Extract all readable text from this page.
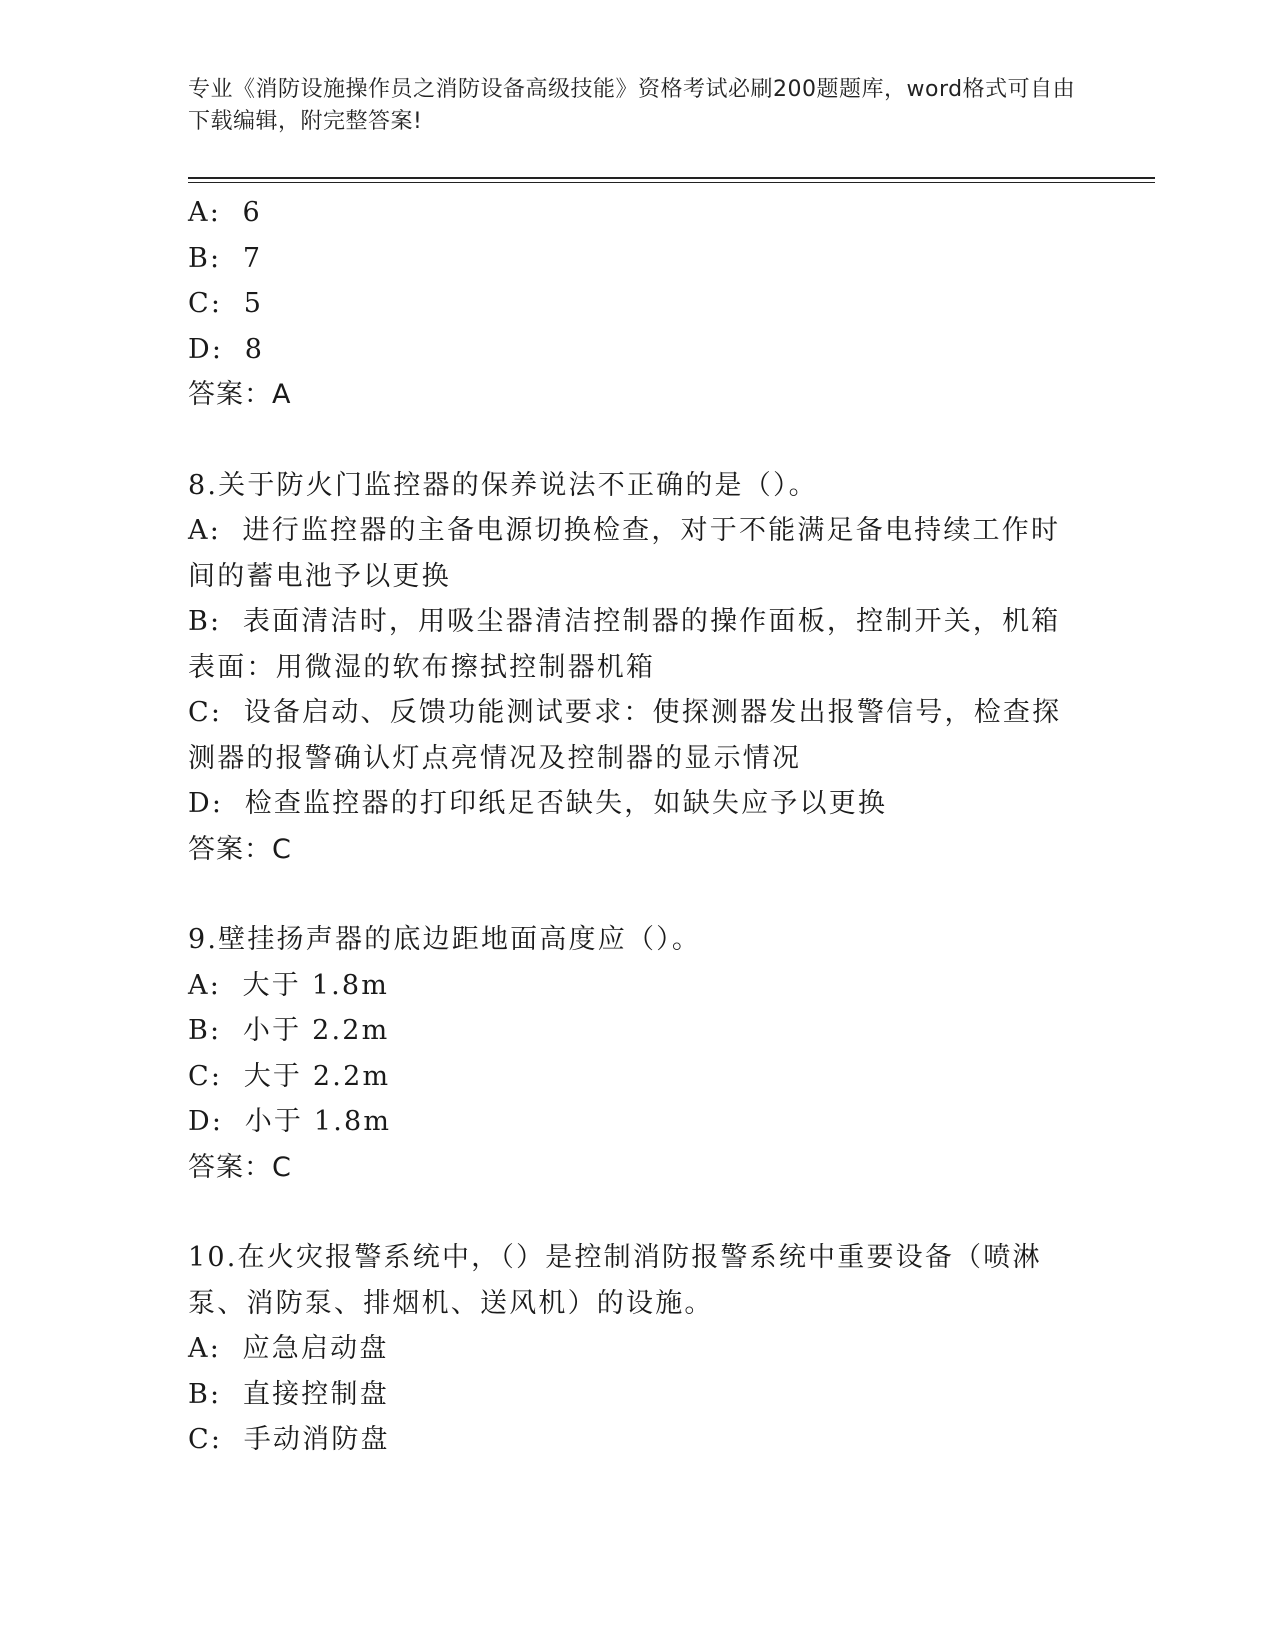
专业《消防设施操作员之消防设备高级技能》资格考试必刷200题题库，word格式可自由下载编辑，附完整答案!

A:  6

B:  7

C:  5

D:  8

答案：A

8.关于防火门监控器的保养说法不正确的是（）。

A:  进行监控器的主备电源切换检查，对于不能满足备电持续工作时间的蓄电池予以更换

B:  表面清洁时，用吸尘器清洁控制器的操作面板，控制开关，机箱表面：用微湿的软布擦拭控制器机箱

C:  设备启动、反馈功能测试要求：使探测器发出报警信号，检查探测器的报警确认灯点亮情况及控制器的显示情况

D:  检查监控器的打印纸足否缺失，如缺失应予以更换

答案：C

9.壁挂扬声器的底边距地面高度应（）。

A:  大于 1.8m

B:  小于 2.2m

C:  大于 2.2m

D:  小于 1.8m

答案：C

10.在火灾报警系统中，（）是控制消防报警系统中重要设备（喷淋泵、消防泵、排烟机、送风机）的设施。

A:  应急启动盘

B:  直接控制盘

C:  手动消防盘
